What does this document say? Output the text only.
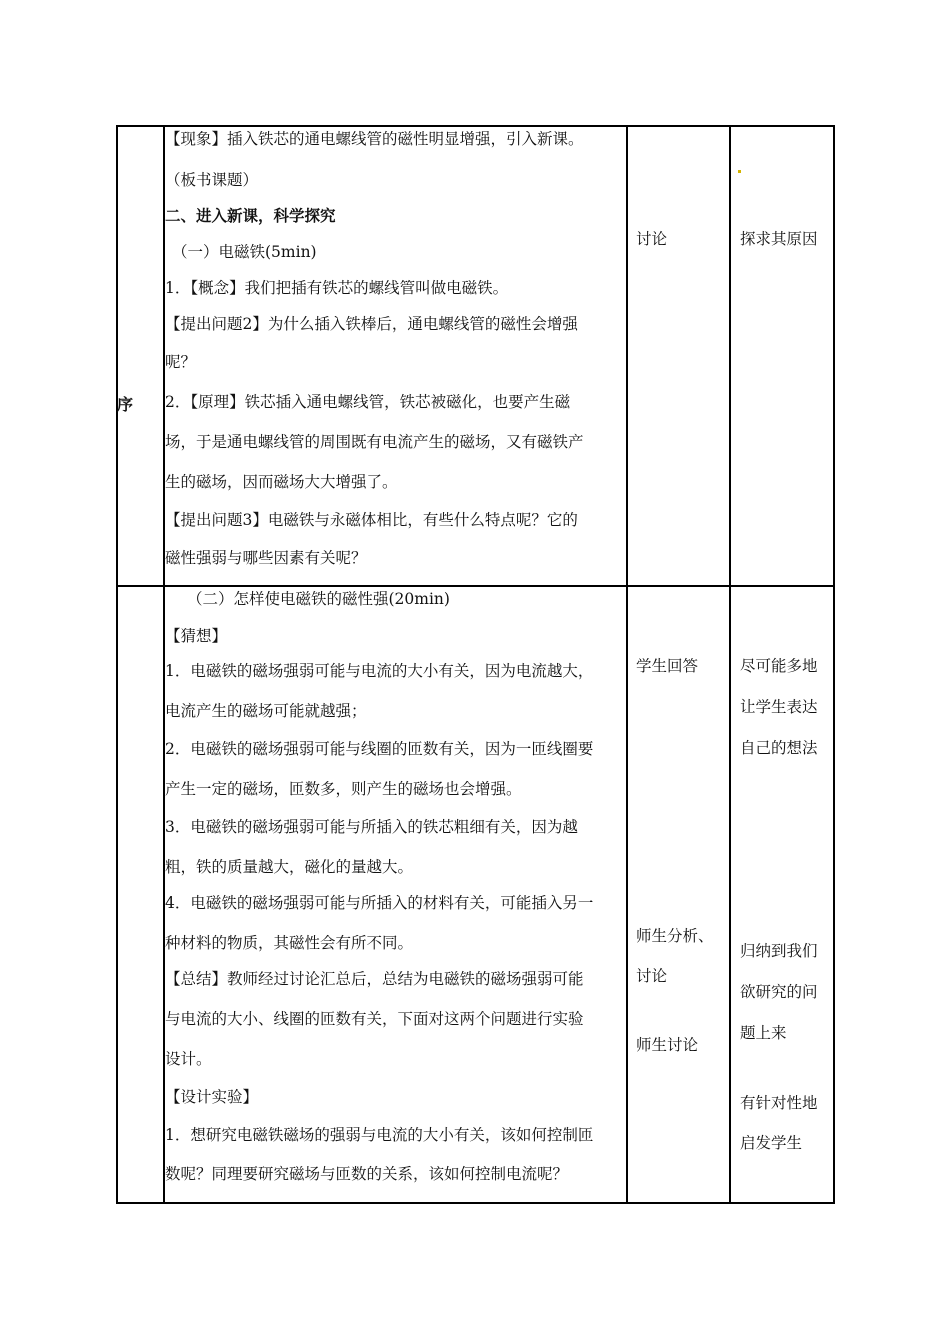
序
【现象】插入铁芯的通电螺线管的磁性明显增强，引入新课。
（板书课题）
二、进入新课，科学探究
（一）电磁铁(5min)
1．【概念】我们把插有铁芯的螺线管叫做电磁铁。
【提出问题2】为什么插入铁棒后，通电螺线管的磁性会增强
呢？
2．【原理】铁芯插入通电螺线管，铁芯被磁化，也要产生磁
场，于是通电螺线管的周围既有电流产生的磁场，又有磁铁产
生的磁场，因而磁场大大增强了。
【提出问题3】电磁铁与永磁体相比，有些什么特点呢？它的
磁性强弱与哪些因素有关呢？
讨论	探求其原因
（二）怎样使电磁铁的磁性强(20min)
【猜想】
1．电磁铁的磁场强弱可能与电流的大小有关，因为电流越大，
电流产生的磁场可能就越强；
2．电磁铁的磁场强弱可能与线圈的匝数有关，因为一匝线圈要
产生一定的磁场，匝数多，则产生的磁场也会增强。
3．电磁铁的磁场强弱可能与所插入的铁芯粗细有关，因为越
粗，铁的质量越大，磁化的量越大。
4．电磁铁的磁场强弱可能与所插入的材料有关，可能插入另一
种材料的物质，其磁性会有所不同。
【总结】教师经过讨论汇总后，总结为电磁铁的磁场强弱可能
与电流的大小、线圈的匝数有关，下面对这两个问题进行实验
设计。
【设计实验】
1．想研究电磁铁磁场的强弱与电流的大小有关，该如何控制匝
数呢？同理要研究磁场与匝数的关系，该如何控制电流呢？
学生回答
师生分析、
讨论
师生讨论
尽可能多地
让学生表达
自己的想法
归纳到我们
欲研究的问
题上来
有针对性地
启发学生
